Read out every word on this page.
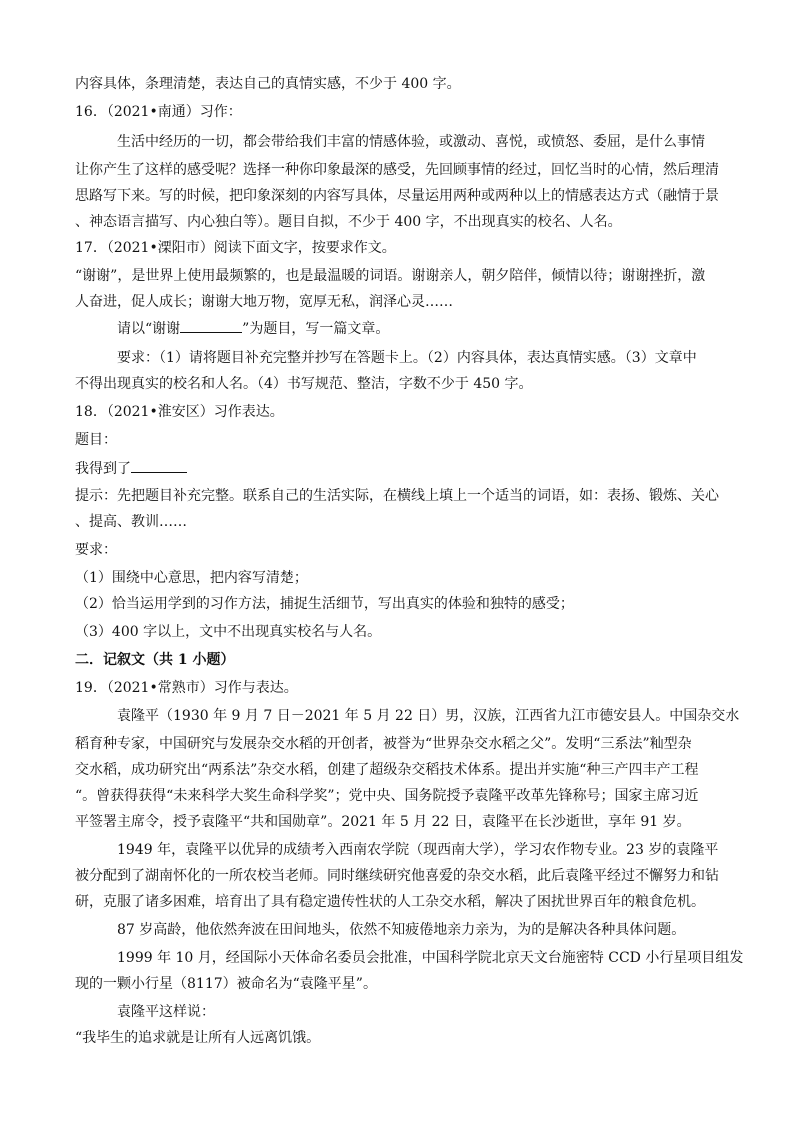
内容具体，条理清楚，表达自己的真情实感，不少于 400 字。
16．（2021•南通）习作：
生活中经历的一切，都会带给我们丰富的情感体验，或激动、喜悦，或愤怒、委屈，是什么事情
让你产生了这样的感受呢？选择一种你印象最深的感受，先回顾事情的经过，回忆当时的心情，然后理清
思路写下来。写的时候，把印象深刻的内容写具体，尽量运用两种或两种以上的情感表达方式（融情于景
、神态语言描写、内心独白等）。题目自拟，不少于 400 字，不出现真实的校名、人名。
17．（2021•溧阳市）阅读下面文字，按要求作文。
“谢谢”，是世界上使用最频繁的，也是最温暖的词语。谢谢亲人，朝夕陪伴，倾情以待；谢谢挫折，激
人奋进，促人成长；谢谢大地万物，宽厚无私，润泽心灵……
请以“谢谢	”为题目，写一篇文章。
要求：（1）请将题目补充完整并抄写在答题卡上。（2）内容具体，表达真情实感。（3）文章中
不得出现真实的校名和人名。（4）书写规范、整洁，字数不少于 450 字。
18．（2021•淮安区）习作表达。
题目：
我得到了
提示：先把题目补充完整。联系自己的生活实际，在横线上填上一个适当的词语，如：表扬、锻炼、关心
、提高、教训……
要求：
（1）围绕中心意思，把内容写清楚；
（2）恰当运用学到的习作方法，捕捉生活细节，写出真实的体验和独特的感受；
（3）400 字以上，文中不出现真实校名与人名。
二．记叙文（共 1 小题）
19．（2021•常熟市）习作与表达。
袁隆平（1930 年 9 月 7 日－2021 年 5 月 22 日）男，汉族，江西省九江市德安县人。中国杂交水
稻育种专家，中国研究与发展杂交水稻的开创者，被誉为“世界杂交水稻之父”。发明“三系法”籼型杂
交水稻，成功研究出“两系法”杂交水稻，创建了超级杂交稻技术体系。提出并实施“种三产四丰产工程
“。曾获得获得“未来科学大奖生命科学奖”；党中央、国务院授予袁隆平改革先锋称号；国家主席习近
平签署主席令，授予袁隆平“共和国勋章”。2021 年 5 月 22 日，袁隆平在长沙逝世，享年 91 岁。
1949 年，袁隆平以优异的成绩考入西南农学院（现西南大学），学习农作物专业。23 岁的袁隆平
被分配到了湖南怀化的一所农校当老师。同时继续研究他喜爱的杂交水稻，此后袁隆平经过不懈努力和钻
研，克服了诸多困难，培育出了具有稳定遗传性状的人工杂交水稻，解决了困扰世界百年的粮食危机。
87 岁高龄，他依然奔波在田间地头，依然不知疲倦地亲力亲为，为的是解决各种具体问题。
1999 年 10 月，经国际小天体命名委员会批准，中国科学院北京天文台施密特 CCD 小行星项目组发
现的一颗小行星（8117）被命名为“袁隆平星”。
袁隆平这样说：
“我毕生的追求就是让所有人远离饥饿。
